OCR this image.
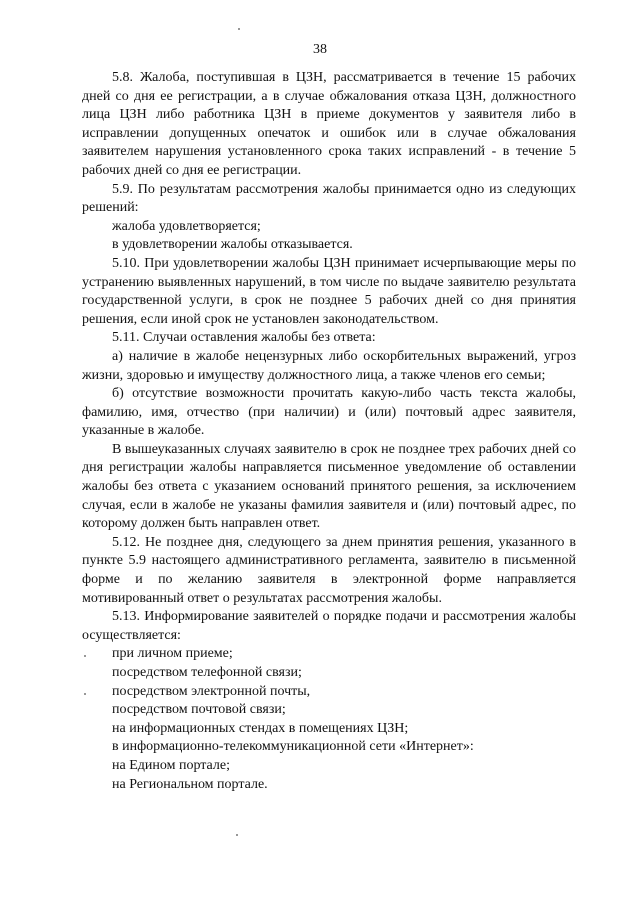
38

5.8. Жалоба, поступившая в ЦЗН, рассматривается в течение 15 рабочих дней со дня ее регистрации, а в случае обжалования отказа ЦЗН, должностного лица ЦЗН либо работника ЦЗН в приеме документов у заявителя либо в исправлении допущенных опечаток и ошибок или в случае обжалования заявителем нарушения установленного срока таких исправлений - в течение 5 рабочих дней со дня ее регистрации.

5.9. По результатам рассмотрения жалобы принимается одно из следующих решений:

жалоба удовлетворяется;

в удовлетворении жалобы отказывается.

5.10. При удовлетворении жалобы ЦЗН принимает исчерпывающие меры по устранению выявленных нарушений, в том числе по выдаче заявителю результата государственной услуги, в срок не позднее 5 рабочих дней со дня принятия решения, если иной срок не установлен законодательством.

5.11. Случаи оставления жалобы без ответа:

а) наличие в жалобе нецензурных либо оскорбительных выражений, угроз жизни, здоровью и имуществу должностного лица, а также членов его семьи;

б) отсутствие возможности прочитать какую-либо часть текста жалобы, фамилию, имя, отчество (при наличии) и (или) почтовый адрес заявителя, указанные в жалобе.

В вышеуказанных случаях заявителю в срок не позднее трех рабочих дней со дня регистрации жалобы направляется письменное уведомление об оставлении жалобы без ответа с указанием оснований принятого решения, за исключением случая, если в жалобе не указаны фамилия заявителя и (или) почтовый адрес, по которому должен быть направлен ответ.

5.12. Не позднее дня, следующего за днем принятия решения, указанного в пункте 5.9 настоящего административного регламента, заявителю в письменной форме и по желанию заявителя в электронной форме направляется мотивированный ответ о результатах рассмотрения жалобы.

5.13. Информирование заявителей о порядке подачи и рассмотрения жалобы осуществляется:

при личном приеме;

посредством телефонной связи;

посредством электронной почты,

посредством почтовой связи;

на информационных стендах в помещениях ЦЗН;

в информационно-телекоммуникационной сети «Интернет»:

на Едином портале;

на Региональном портале.
